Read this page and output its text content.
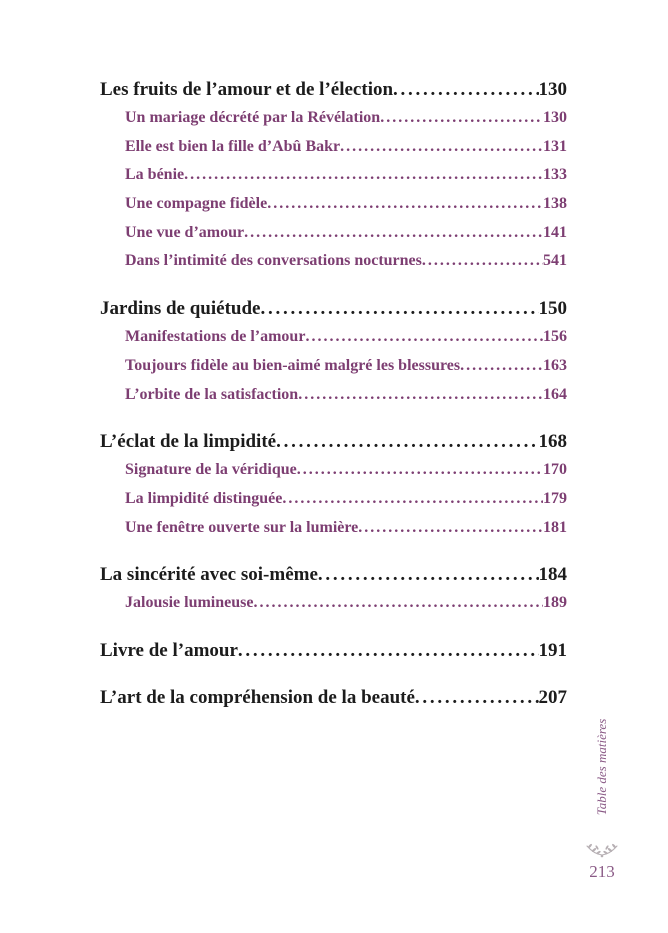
Les fruits de l’amour et de l’élection . . .	130
Un mariage décrété par la Révélation . . .	130
Elle est bien la fille d’Abû Bakr . . .	131
La bénie . . .	133
Une compagne fidèle . . .	138
Une vue d’amour . . .	141
Dans l’intimité des conversations nocturnes . . .	541
Jardins de quiétude . . .	150
Manifestations de l’amour . . .	156
Toujours fidèle au bien-aimé malgré les blessures . . .	163
L’orbite de la satisfaction . . .	164
L’éclat de la limpidité . . .	168
Signature de la véridique . . .	170
La limpidité distinguée . . .	179
Une fenêtre ouverte sur la lumière . . .	181
La sincérité avec soi-même . . .	184
Jalousie lumineuse . . .	189
Livre de l’amour . . .	191
L’art de la compréhension de la beauté . . .	207
Table des matières
213
